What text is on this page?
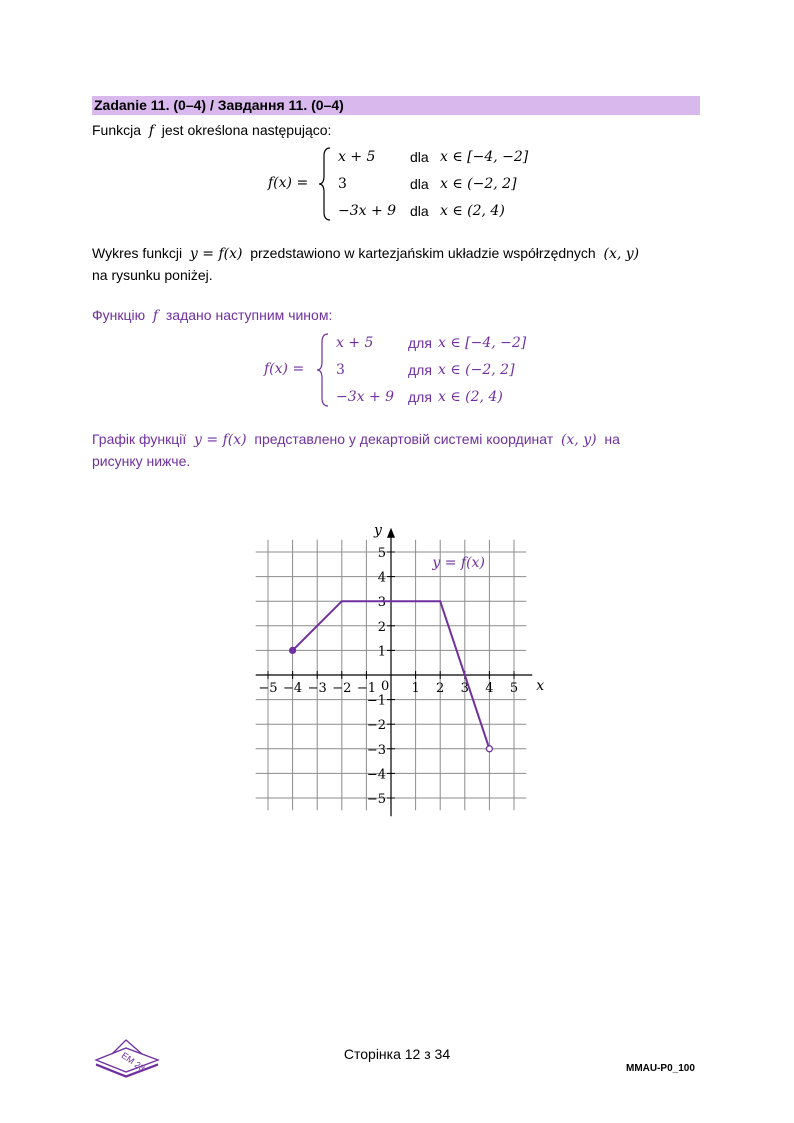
Zadanie 11. (0–4) / Завдання 11. (0–4)
Funkcja f jest określona następująco:
f(x) =
x + 5 dla x ∈ [−4, −2]
3	dla x ∈ (−2, 2]
−3x + 9 dla x ∈ (2, 4)
Wykres funkcji y = f(x) przedstawiono w kartezjańskim układzie współrzędnych (x, y)
na rysunku poniżej.
Функцію f задано наступним чином:
f(x) =
x + 5 для x ∈ [−4, −2]
3	для x ∈ (−2, 2]
−3x + 9 для x ∈ (2, 4)
Графік функції y = f(x) представлено у декартовій системі координат (x, y) на
рисунку нижче.
x
y
0
−5 −4 −3 −2 −1	1 2 3 4 5
5
4
3
2
1
−1
−2
−3
−4
−5
y = f(x)
EM 23	Сторінка 12 з 34
MMAU-P0_100
